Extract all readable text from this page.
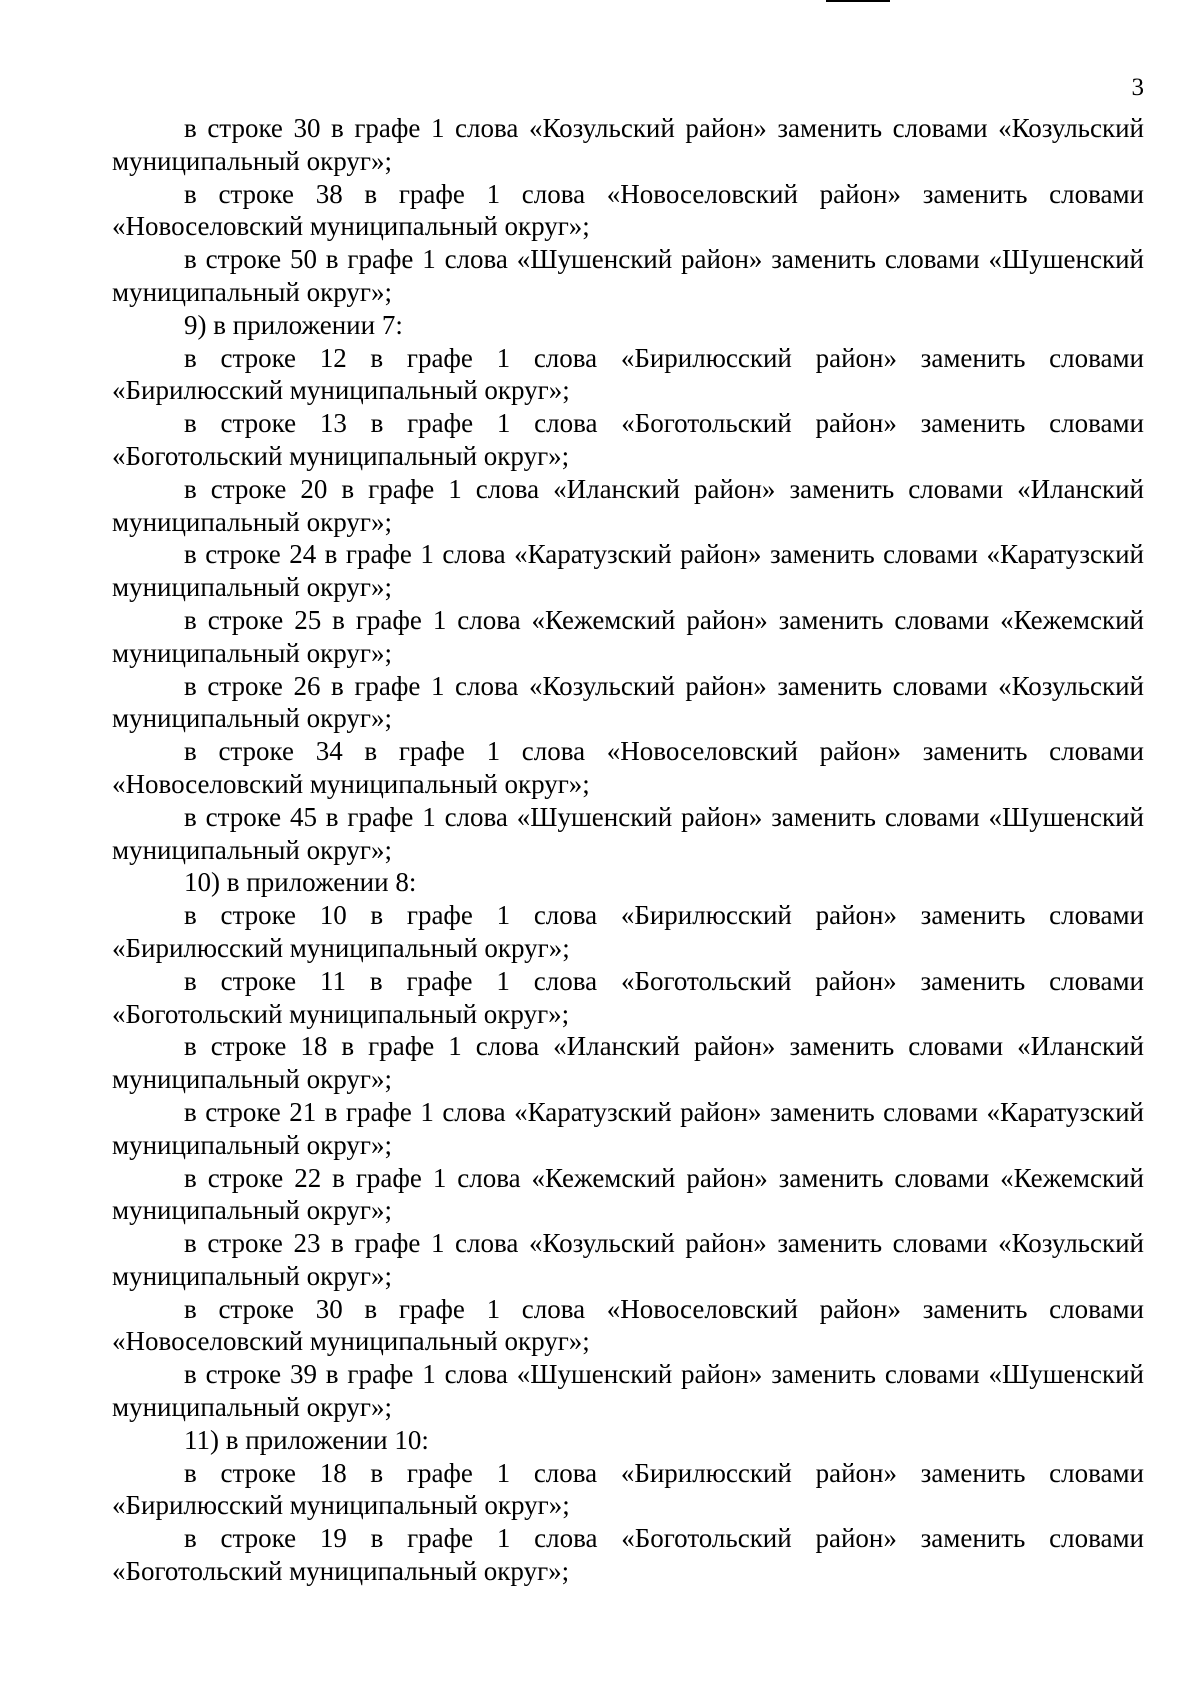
3

в строке 30 в графе 1 слова «Козульский район» заменить словами «Козульский муниципальный округ»;

в строке 38 в графе 1 слова «Новоселовский район» заменить словами «Новоселовский муниципальный округ»;

в строке 50 в графе 1 слова «Шушенский район» заменить словами «Шушенский муниципальный округ»;

9) в приложении 7:

в строке 12 в графе 1 слова «Бирилюсский район» заменить словами «Бирилюсский муниципальный округ»;

в строке 13 в графе 1 слова «Боготольский район» заменить словами «Боготольский муниципальный округ»;

в строке 20 в графе 1 слова «Иланский район» заменить словами «Иланский муниципальный округ»;

в строке 24 в графе 1 слова «Каратузский район» заменить словами «Каратузский муниципальный округ»;

в строке 25 в графе 1 слова «Кежемский район» заменить словами «Кежемский муниципальный округ»;

в строке 26 в графе 1 слова «Козульский район» заменить словами «Козульский муниципальный округ»;

в строке 34 в графе 1 слова «Новоселовский район» заменить словами «Новоселовский муниципальный округ»;

в строке 45 в графе 1 слова «Шушенский район» заменить словами «Шушенский муниципальный округ»;

10) в приложении 8:

в строке 10 в графе 1 слова «Бирилюсский район» заменить словами «Бирилюсский муниципальный округ»;

в строке 11 в графе 1 слова «Боготольский район» заменить словами «Боготольский муниципальный округ»;

в строке 18 в графе 1 слова «Иланский район» заменить словами «Иланский муниципальный округ»;

в строке 21 в графе 1 слова «Каратузский район» заменить словами «Каратузский муниципальный округ»;

в строке 22 в графе 1 слова «Кежемский район» заменить словами «Кежемский муниципальный округ»;

в строке 23 в графе 1 слова «Козульский район» заменить словами «Козульский муниципальный округ»;

в строке 30 в графе 1 слова «Новоселовский район» заменить словами «Новоселовский муниципальный округ»;

в строке 39 в графе 1 слова «Шушенский район» заменить словами «Шушенский муниципальный округ»;

11) в приложении 10:

в строке 18 в графе 1 слова «Бирилюсский район» заменить словами «Бирилюсский муниципальный округ»;

в строке 19 в графе 1 слова «Боготольский район» заменить словами «Боготольский муниципальный округ»;
